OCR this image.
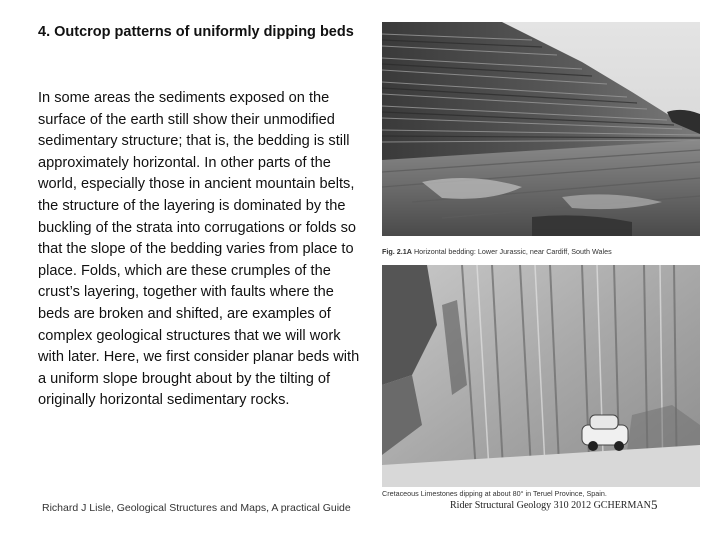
4. Outcrop patterns of uniformly dipping beds
In some areas the sediments exposed on the surface of the earth still show their unmodified sedimentary structure; that is, the bedding is still approximately horizontal. In other parts of the world, especially those in ancient mountain belts, the structure of the layering is dominated by the buckling of the strata into corrugations or folds so that the slope of the bedding varies from place to place. Folds, which are these crumples of the crust’s layering, together with faults where the beds are broken and shifted, are examples of complex geological structures that we will work with later. Here, we first consider planar beds with a uniform slope brought about by the tilting of originally horizontal sedimentary rocks.
Fig. 2.1A Horizontal bedding: Lower Jurassic, near Cardiff, South Wales
Cretaceous Limestones dipping at about 80° in Teruel Province, Spain.
Richard J Lisle, Geological Structures and Maps, A practical Guide	Rider Structural Geology 310 2012 GCHERMAN 5
